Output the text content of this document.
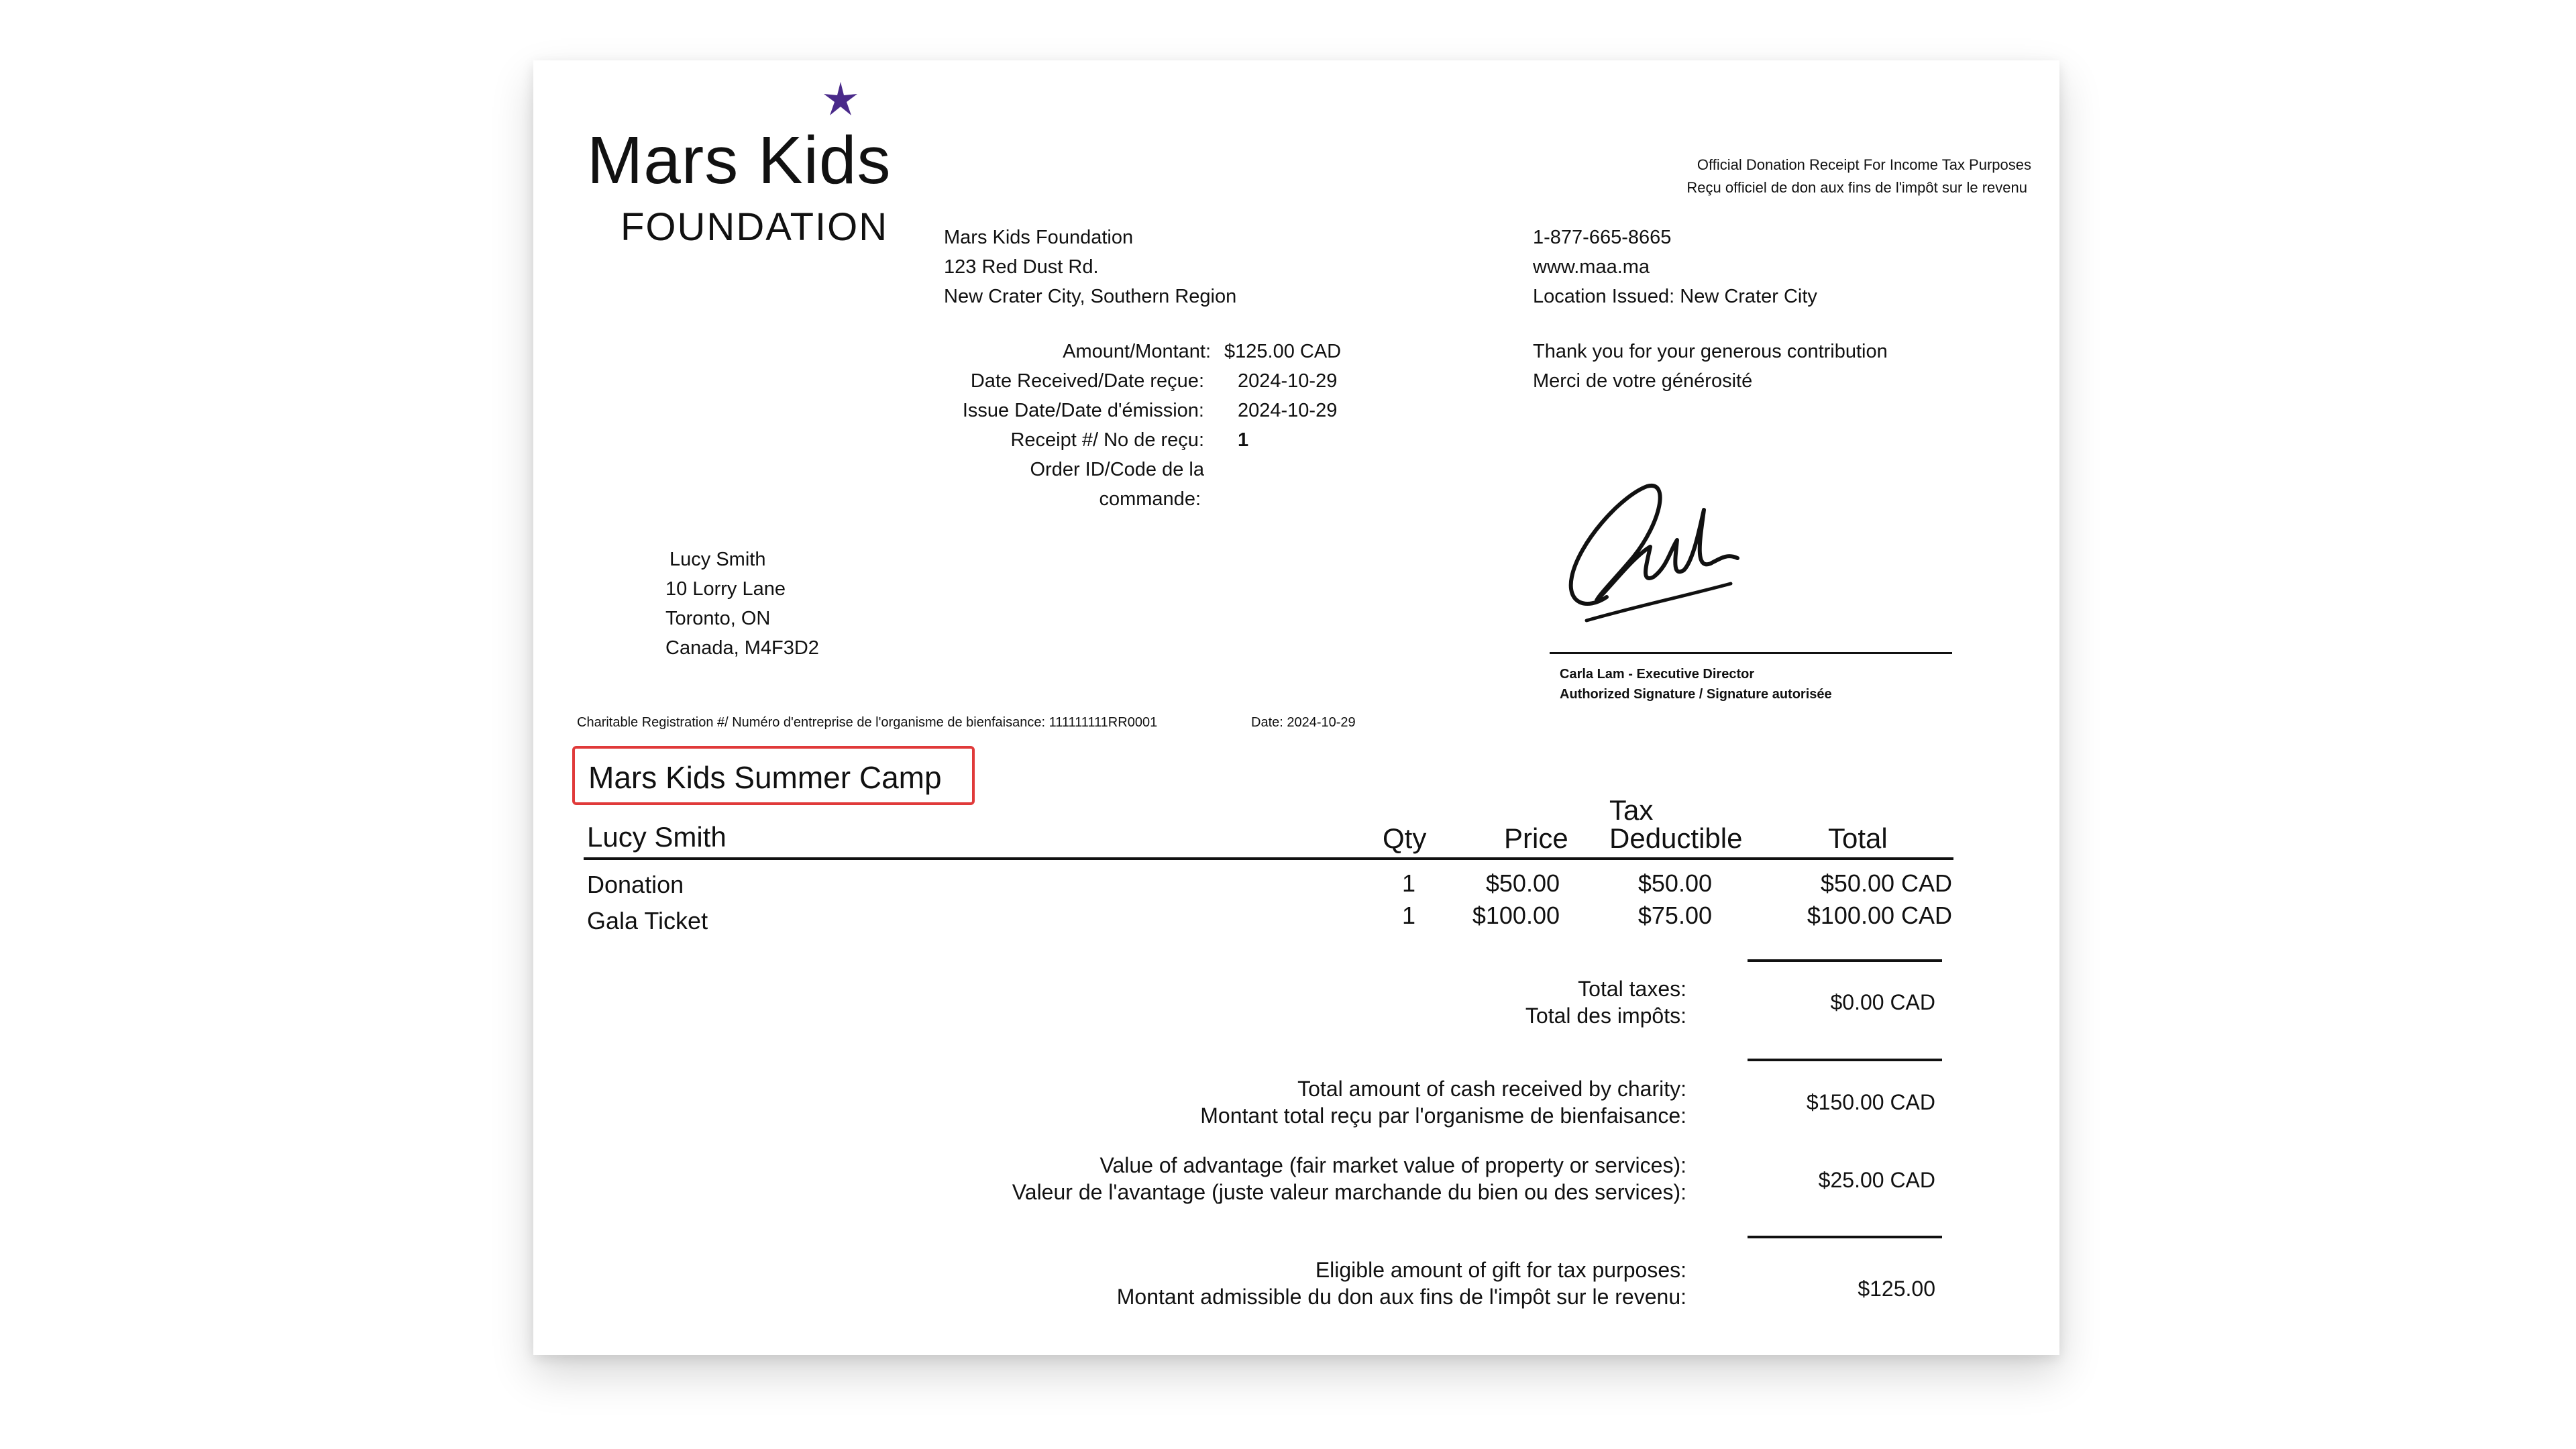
Mars Kids
FOUNDATION
Official Donation Receipt For Income Tax Purposes
Reçu officiel de don aux fins de l'impôt sur le revenu
Mars Kids Foundation
123 Red Dust Rd.
New Crater City, Southern Region
1-877-665-8665
www.maa.ma
Location Issued: New Crater City
Thank you for your generous contribution
Merci de votre générosité
Amount/Montant: $125.00 CAD
Date Received/Date reçue: 2024-10-29
Issue Date/Date d'émission: 2024-10-29
Receipt #/ No de reçu: 1
Order ID/Code de la
commande:
Lucy Smith
10 Lorry Lane
Toronto, ON
Canada, M4F3D2
Carla Lam - Executive Director
Authorized Signature / Signature autorisée
Charitable Registration #/ Numéro d'entreprise de l'organisme de bienfaisance: 111111111RR0001	Date: 2024-10-29
Mars Kids Summer Camp
Lucy Smith	Qty	Price
Tax
Deductible	Total
Donation	1	$50.00	$50.00	$50.00 CAD
Gala Ticket	1 $100.00	$75.00	$100.00 CAD
Total taxes:
Total des impôts:
$0.00 CAD
Total amount of cash received by charity:
Montant total reçu par l'organisme de bienfaisance:
$150.00 CAD
Value of advantage (fair market value of property or services):
Valeur de l'avantage (juste valeur marchande du bien ou des services):	$25.00 CAD
Eligible amount of gift for tax purposes:
Montant admissible du don aux fins de l'impôt sur le revenu:	$125.00
